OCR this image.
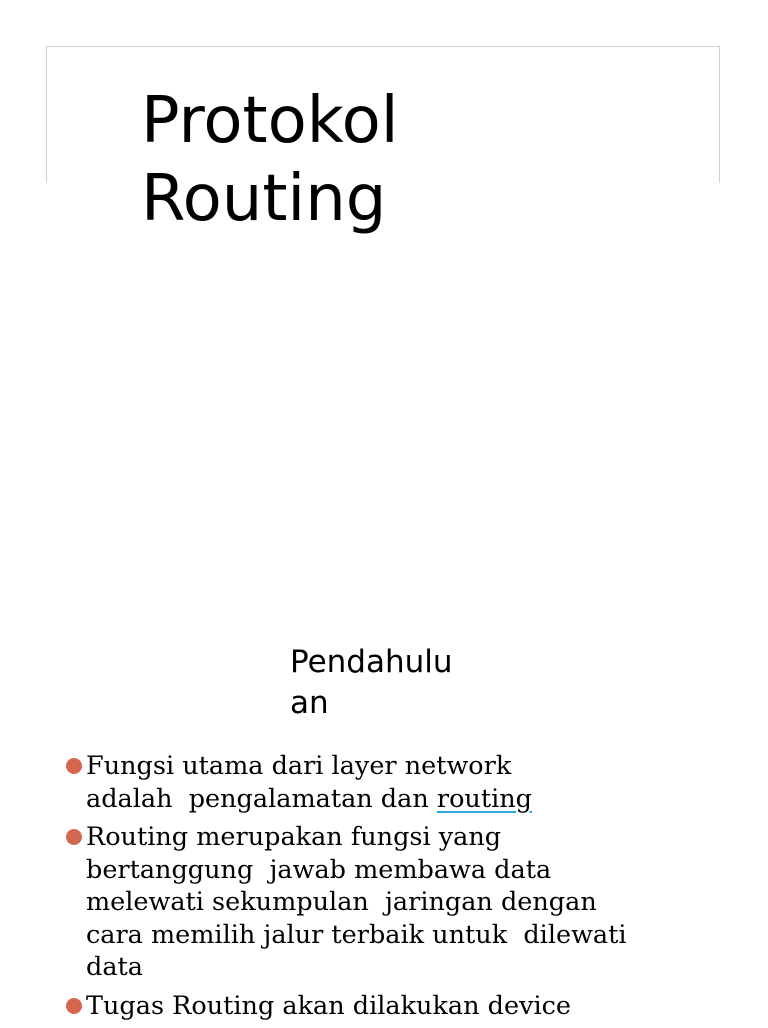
Protokol
Routing
Pendahulu
an
Fungsi utama dari layer network
adalah  pengalamatan dan routing
Routing merupakan fungsi yang
bertanggung  jawab membawa data
melewati sekumpulan  jaringan dengan
cara memilih jalur terbaik untuk  dilewati
data
Tugas Routing akan dilakukan device
